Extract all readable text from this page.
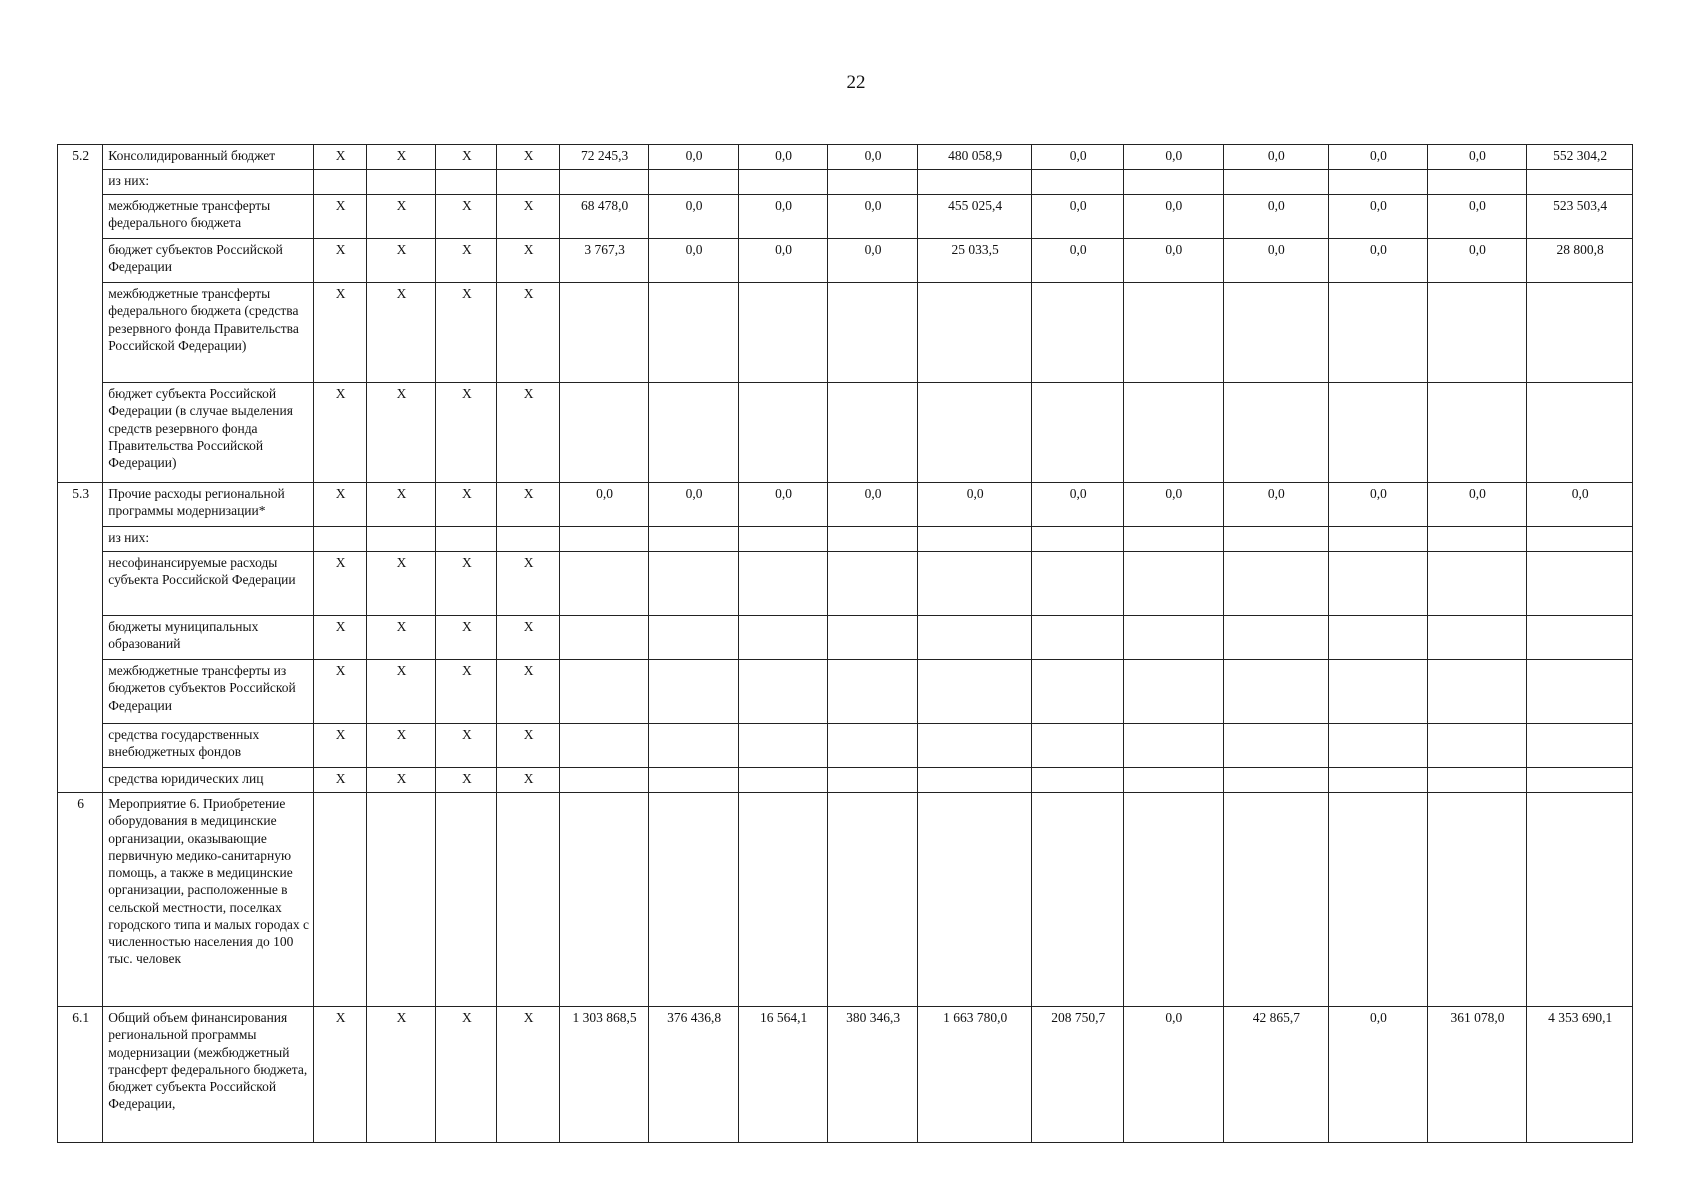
22
5.2	Консолидированный бюджет	X	X	X	X	72 245,3	0,0	0,0	0,0	480 058,9	0,0	0,0	0,0	0,0	0,0	552 304,2
	из них:															
	межбюджетные трансферты федерального бюджета	X	X	X	X	68 478,0	0,0	0,0	0,0	455 025,4	0,0	0,0	0,0	0,0	0,0	523 503,4
	бюджет субъектов Российской Федерации	X	X	X	X	3 767,3	0,0	0,0	0,0	25 033,5	0,0	0,0	0,0	0,0	0,0	28 800,8
	межбюджетные трансферты федерального бюджета (средства резервного фонда Правительства Российской Федерации)	X	X	X	X											
	бюджет субъекта Российской Федерации (в случае выделения средств резервного фонда Правительства Российской Федерации)	X	X	X	X											
5.3	Прочие расходы региональной программы модернизации*	X	X	X	X	0,0	0,0	0,0	0,0	0,0	0,0	0,0	0,0	0,0	0,0	0,0
	из них:															
	несофинансируемые расходы субъекта Российской Федерации	X	X	X	X											
	бюджеты муниципальных образований	X	X	X	X											
	межбюджетные трансферты из бюджетов субъектов Российской Федерации	X	X	X	X											
	средства государственных внебюджетных фондов	X	X	X	X											
	средства юридических лиц	X	X	X	X											
6	Мероприятие 6. Приобретение оборудования в медицинские организации, оказывающие первичную медико-санитарную помощь, а также в медицинские организации, расположенные в сельской местности, поселках городского типа и малых городах с численностью населения до 100 тыс. человек															
6.1	Общий объем финансирования региональной программы модернизации (межбюджетный трансферт федерального бюджета, бюджет субъекта Российской Федерации,	X	X	X	X	1 303 868,5	376 436,8	16 564,1	380 346,3	1 663 780,0	208 750,7	0,0	42 865,7	0,0	361 078,0	4 353 690,1
